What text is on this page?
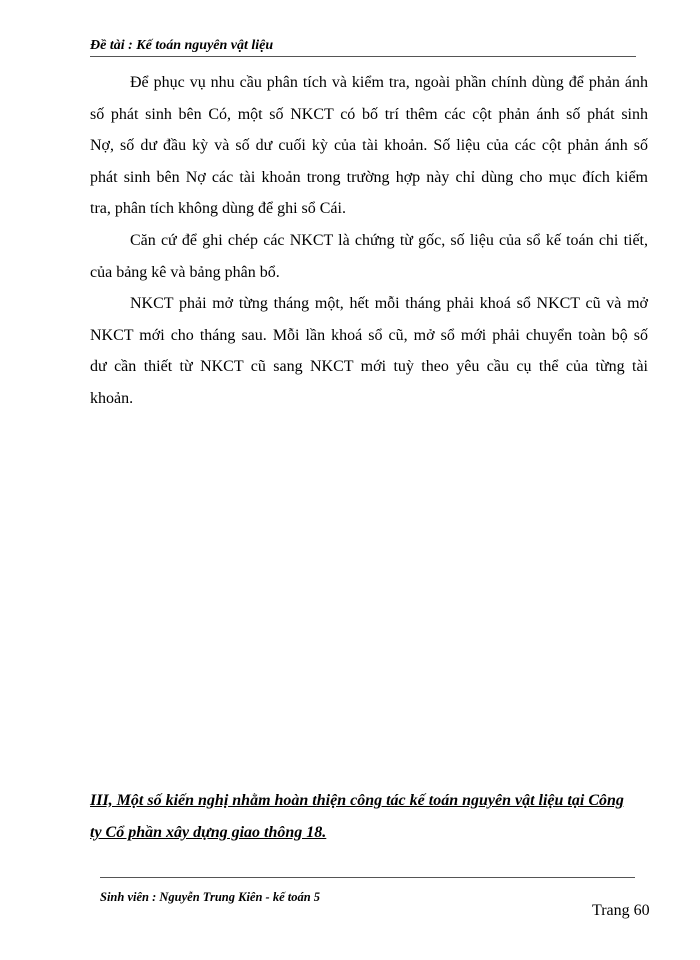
Đề tài : Kế toán nguyên vật liệu
Để phục vụ nhu cầu phân tích và kiểm tra, ngoài phần chính dùng để phản ánh
số phát sinh bên Có, một số NKCT có bố trí thêm các cột phản ánh số phát sinh
Nợ, số dư đầu kỳ và số dư cuối kỳ của tài khoản. Số liệu của các cột phản ánh số
phát sinh bên Nợ các tài khoản trong trường hợp này chỉ dùng cho mục đích kiểm
tra, phân tích không dùng để ghi sổ Cái.
Căn cứ để ghi chép các NKCT là chứng từ gốc, số liệu của sổ kế toán chi tiết,
của bảng kê và bảng phân bổ.
NKCT phải mở từng tháng một, hết mỗi tháng phải khoá sổ NKCT cũ và mở
NKCT mới cho tháng sau. Mỗi lần khoá sổ cũ, mở sổ mới phải chuyển toàn bộ số
dư cần thiết từ NKCT cũ sang NKCT mới tuỳ theo yêu cầu cụ thể của từng tài
khoản.
III, Một số kiến nghị nhằm hoàn thiện công tác kế toán nguyên vật liệu tại Công
ty Cổ phần xây dựng giao thông 18.
Sinh viên : Nguyễn Trung Kiên - kế toán 5
Trang 60
